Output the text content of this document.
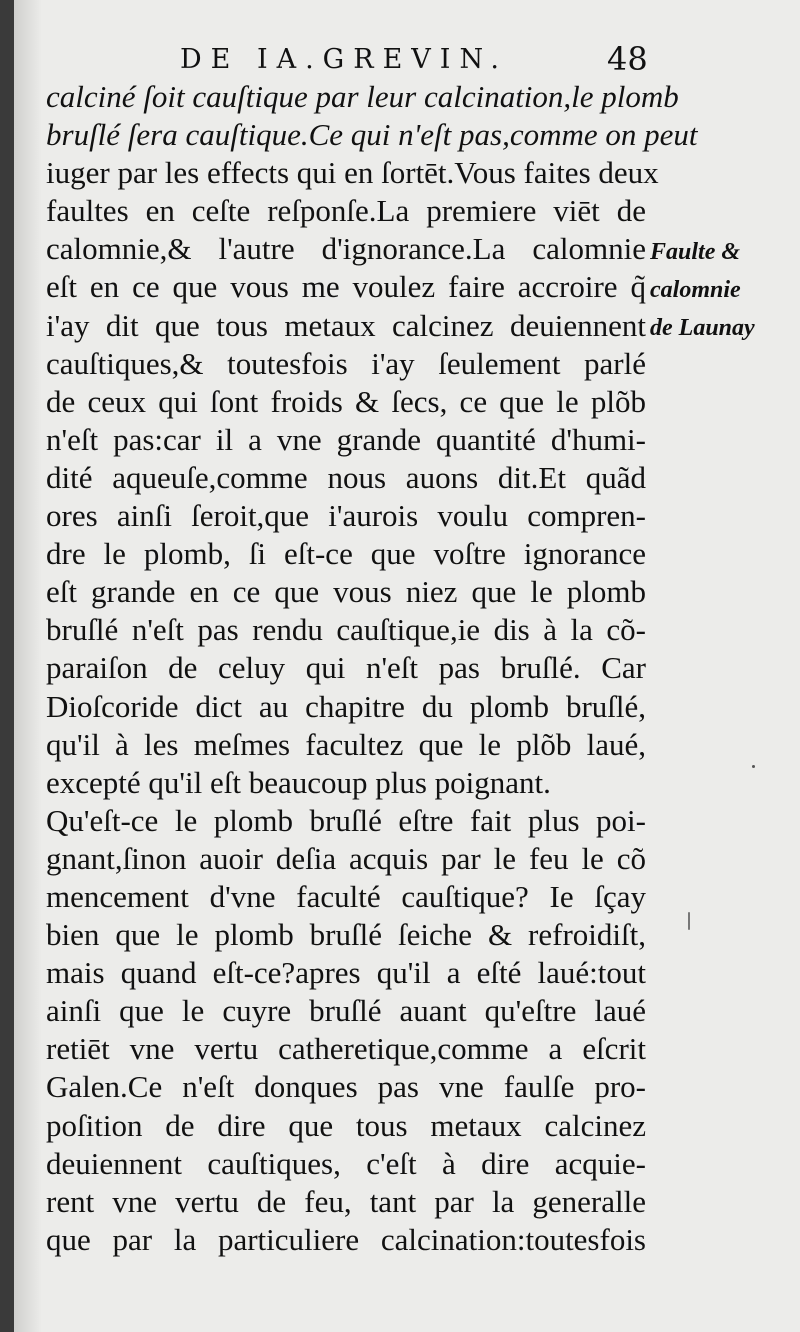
DE IA.GREVIN.	48
calciné ſoit cauſtique par leur calcination,le plomb
bruſlé ſera cauſtique.Ce qui n'eſt pas,comme on peut
iuger par les effects qui en ſortēt.Vous faites deux
faultes en ceſte reſponſe.La premiere viēt de
calomnie,& l'autre d'ignorance.La calomnie
eſt en ce que vous me voulez faire accroire q̃
i'ay dit que tous metaux calcinez deuiennent
cauſtiques,& toutesfois i'ay ſeulement parlé
de ceux qui ſont froids & ſecs, ce que le plõb
n'eſt pas:car il a vne grande quantité d'humi-
dité aqueuſe,comme nous auons dit.Et quãd
ores ainſi ſeroit,que i'aurois voulu compren-
dre le plomb, ſi eſt-ce que voſtre ignorance
eſt grande en ce que vous niez que le plomb
bruſlé n'eſt pas rendu cauſtique,ie dis à la cõ-
paraiſon de celuy qui n'eſt pas bruſlé. Car
Dioſcoride dict au chapitre du plomb bruſlé,
qu'il à les meſmes facultez que le plõb laué,
excepté qu'il eſt beaucoup plus poignant.
Qu'eſt-ce le plomb bruſlé eſtre fait plus poi-
gnant,ſinon auoir deſia acquis par le feu le cõ
mencement d'vne faculté cauſtique? Ie ſçay
bien que le plomb bruſlé ſeiche & refroidiſt,
mais quand eſt-ce?apres qu'il a eſté laué:tout
ainſi que le cuyre bruſlé auant qu'eſtre laué
retiēt vne vertu catheretique,comme a eſcrit
Galen.Ce n'eſt donques pas vne faulſe pro-
poſition de dire que tous metaux calcinez
deuiennent cauſtiques, c'eſt à dire acquie-
rent vne vertu de feu, tant par la generalle
que par la particuliere calcination:toutesfois
Faulte &
calomnie
de Launay
